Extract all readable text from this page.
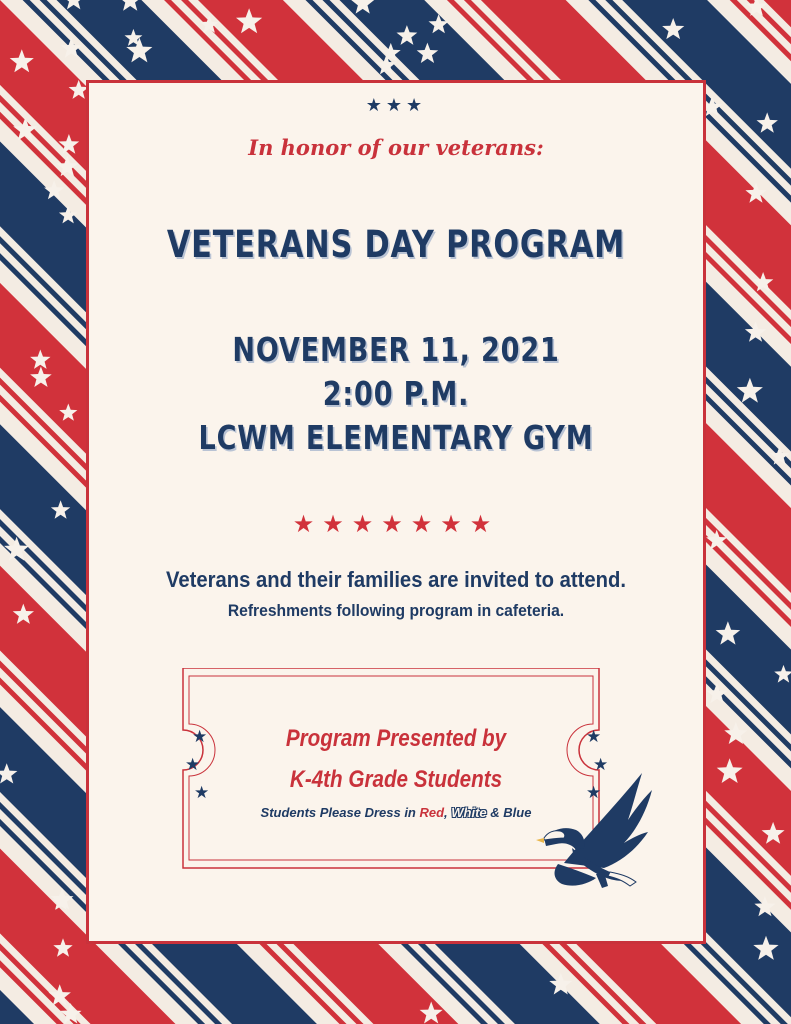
★★★
In honor of our veterans:
VETERANS DAY PROGRAM
NOVEMBER 11, 2021
2:00 P.M.
LCWM ELEMENTARY GYM
★★★★★★★
Veterans and their families are invited to attend.
Refreshments following program in cafeteria.
★
★
★
★
★
★
Program Presented by
K-4th Grade Students
Students Please Dress in Red, White & Blue
